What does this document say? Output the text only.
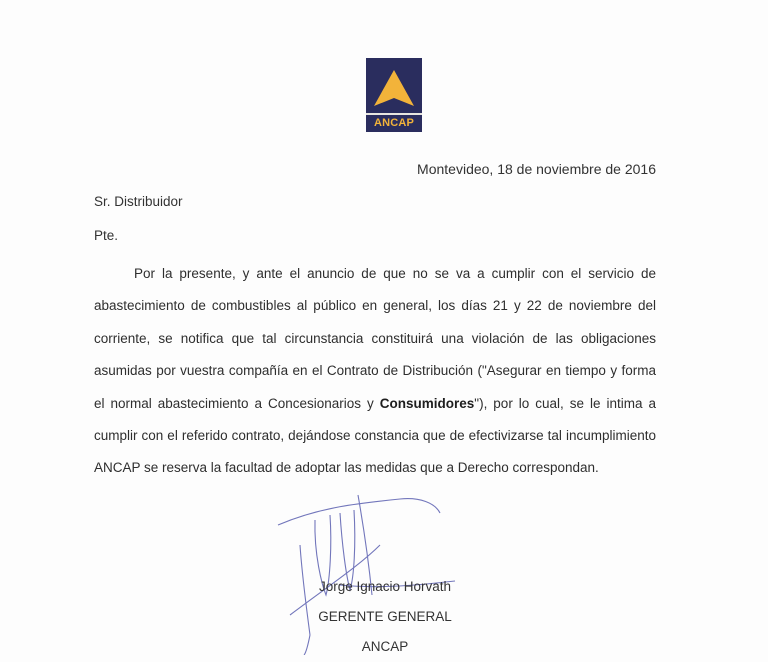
ANCAP
Montevideo, 18 de noviembre de 2016
Sr. Distribuidor
Pte.
Por la presente, y ante el anuncio de que no se va a cumplir con el servicio de
abastecimiento de combustibles al público en general, los días 21 y 22 de noviembre del
corriente, se notifica que tal circunstancia constituirá una violación de las obligaciones
asumidas por vuestra compañía en el Contrato de Distribución ("Asegurar en tiempo y forma
el normal abastecimiento a Concesionarios y Consumidores"), por lo cual, se le intima a
cumplir con el referido contrato, dejándose constancia que de efectivizarse tal incumplimiento
ANCAP se reserva la facultad de adoptar las medidas que a Derecho correspondan.
Jorge Ignacio Horvath
GERENTE GENERAL
ANCAP
